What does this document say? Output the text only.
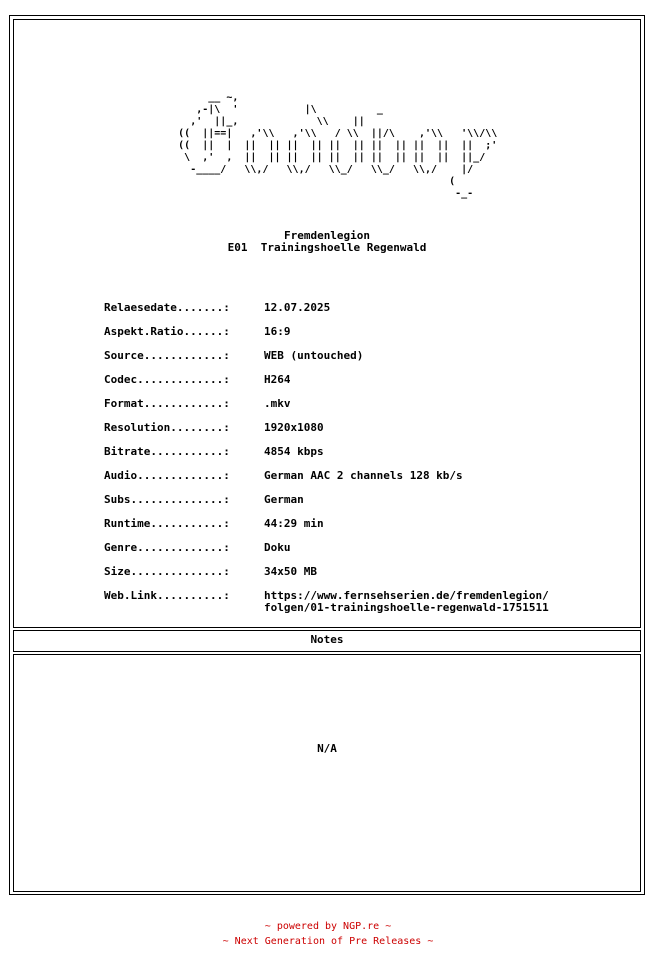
__ ~,
,-|\  '           |\          _
,'  ||_,             \\    ||
((  ||==|   ,'\\   ,'\\   / \\  ||/\    ,'\\   '\\/\\
((  ||  |  ||  || ||  || ||  || ||  || ||  ||  ||  ;'
\  ,'  ,  ||  || ||  || ||  || ||  || ||  ||  ||_/
-____/   \\,/   \\,/   \\_/   \\_/   \\,/    |/
(
-_-
Fremdenlegion
E01  Trainingshoelle Regenwald
Relaesedate.......:	12.07.2025
Aspekt.Ratio......:	16:9
Source............:	WEB (untouched)
Codec.............:	H264
Format............:	.mkv
Resolution........:	1920x1080
Bitrate...........:	4854 kbps
Audio.............:	German AAC 2 channels 128 kb/s
Subs..............:	German
Runtime...........:	44:29 min
Genre.............:	Doku
Size..............:	34x50 MB
Web.Link..........:	https://www.fernsehserien.de/fremdenlegion/
folgen/01-trainingshoelle-regenwald-1751511
Notes
N/A
~ powered by NGP.re ~
~ Next Generation of Pre Releases ~
